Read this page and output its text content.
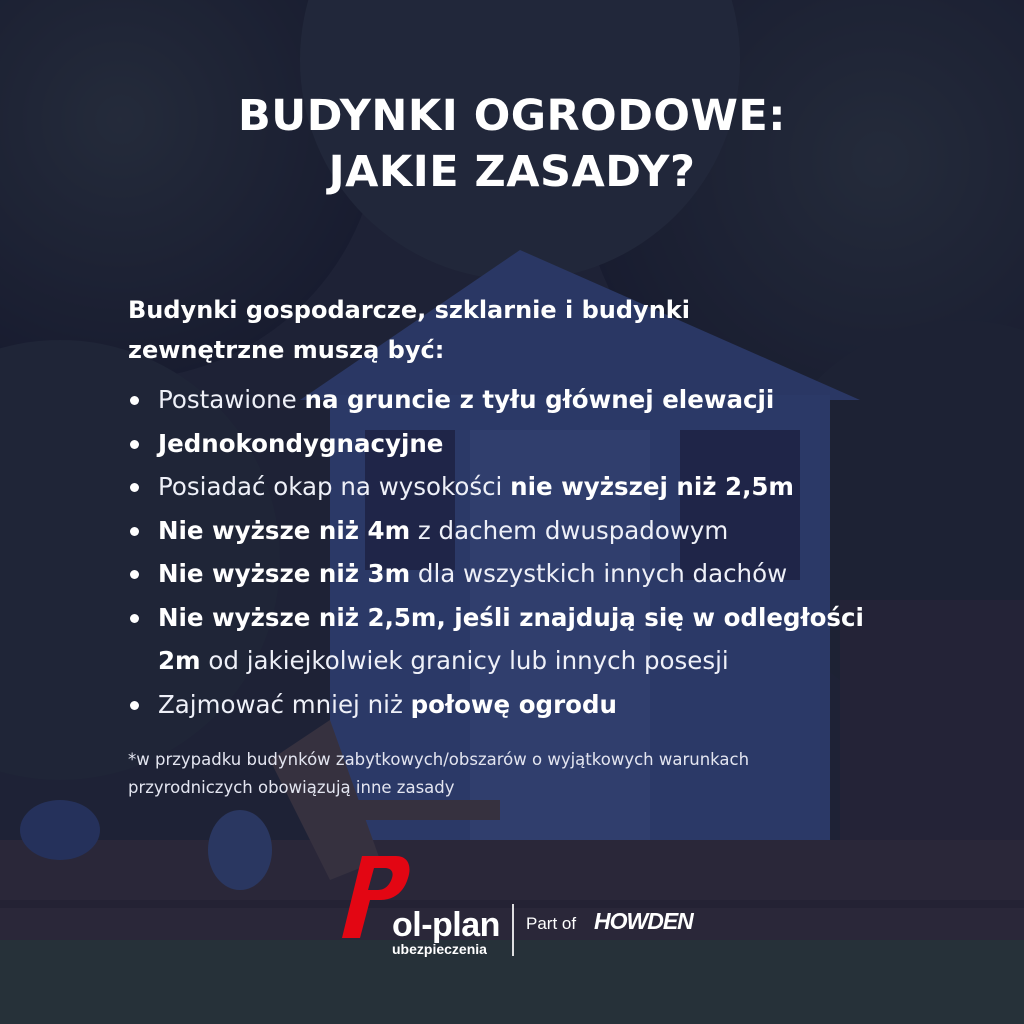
BUDYNKI OGRODOWE:
JAKIE ZASADY?
Budynki gospodarcze, szklarnie i budynki
zewnętrzne muszą być:
Postawione na gruncie z tyłu głównej elewacji
Jednokondygnacyjne
Posiadać okap na wysokości nie wyższej niż 2,5m
Nie wyższe niż 4m z dachem dwuspadowym
Nie wyższe niż 3m dla wszystkich innych dachów
Nie wyższe niż 2,5m, jeśli znajdują się w odległości
2m od jakiejkolwiek granicy lub innych posesji
Zajmować mniej niż połowę ogrodu
*w przypadku budynków zabytkowych/obszarów o wyjątkowych warunkach
przyrodniczych obowiązują inne zasady
ol-plan
ubezpieczenia
Part of HOWDEN
